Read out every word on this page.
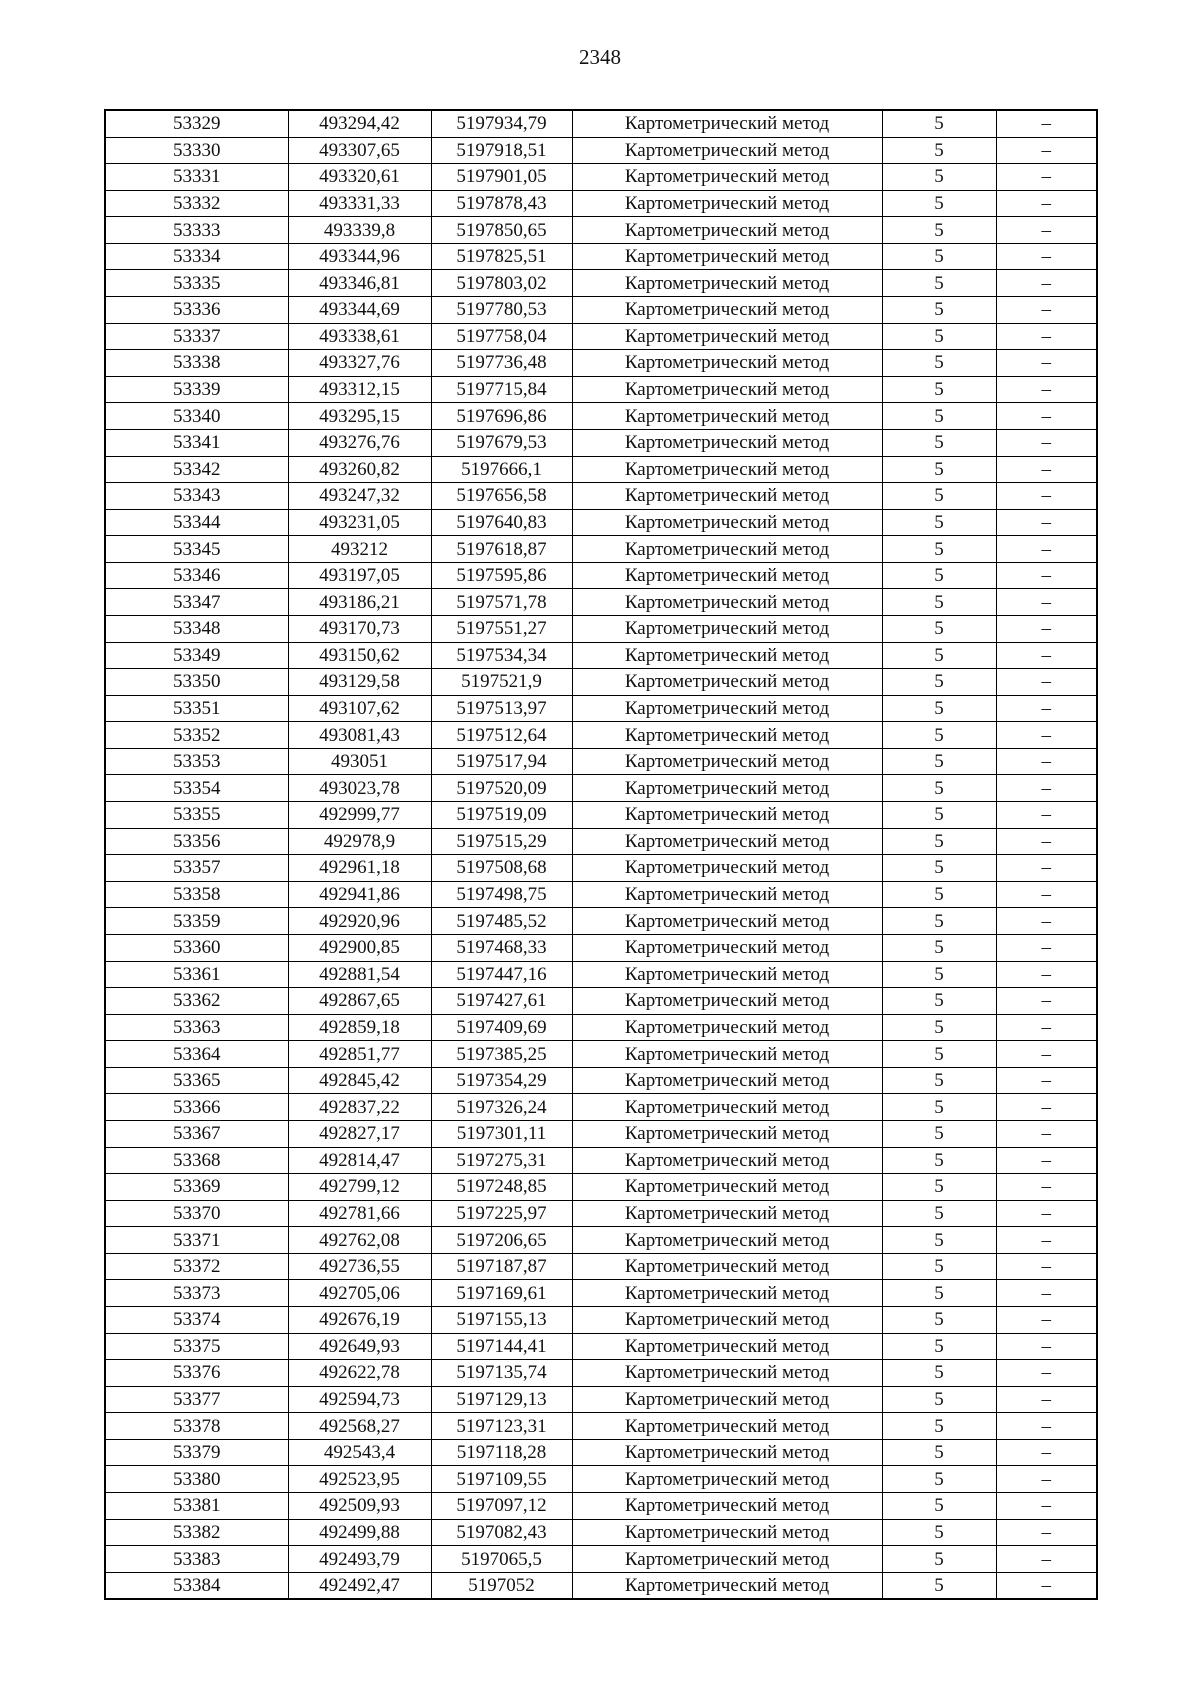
2348
53329	493294,42	5197934,79	Картометрический метод	5	–
53330	493307,65	5197918,51	Картометрический метод	5	–
53331	493320,61	5197901,05	Картометрический метод	5	–
53332	493331,33	5197878,43	Картометрический метод	5	–
53333	493339,8	5197850,65	Картометрический метод	5	–
53334	493344,96	5197825,51	Картометрический метод	5	–
53335	493346,81	5197803,02	Картометрический метод	5	–
53336	493344,69	5197780,53	Картометрический метод	5	–
53337	493338,61	5197758,04	Картометрический метод	5	–
53338	493327,76	5197736,48	Картометрический метод	5	–
53339	493312,15	5197715,84	Картометрический метод	5	–
53340	493295,15	5197696,86	Картометрический метод	5	–
53341	493276,76	5197679,53	Картометрический метод	5	–
53342	493260,82	5197666,1	Картометрический метод	5	–
53343	493247,32	5197656,58	Картометрический метод	5	–
53344	493231,05	5197640,83	Картометрический метод	5	–
53345	493212	5197618,87	Картометрический метод	5	–
53346	493197,05	5197595,86	Картометрический метод	5	–
53347	493186,21	5197571,78	Картометрический метод	5	–
53348	493170,73	5197551,27	Картометрический метод	5	–
53349	493150,62	5197534,34	Картометрический метод	5	–
53350	493129,58	5197521,9	Картометрический метод	5	–
53351	493107,62	5197513,97	Картометрический метод	5	–
53352	493081,43	5197512,64	Картометрический метод	5	–
53353	493051	5197517,94	Картометрический метод	5	–
53354	493023,78	5197520,09	Картометрический метод	5	–
53355	492999,77	5197519,09	Картометрический метод	5	–
53356	492978,9	5197515,29	Картометрический метод	5	–
53357	492961,18	5197508,68	Картометрический метод	5	–
53358	492941,86	5197498,75	Картометрический метод	5	–
53359	492920,96	5197485,52	Картометрический метод	5	–
53360	492900,85	5197468,33	Картометрический метод	5	–
53361	492881,54	5197447,16	Картометрический метод	5	–
53362	492867,65	5197427,61	Картометрический метод	5	–
53363	492859,18	5197409,69	Картометрический метод	5	–
53364	492851,77	5197385,25	Картометрический метод	5	–
53365	492845,42	5197354,29	Картометрический метод	5	–
53366	492837,22	5197326,24	Картометрический метод	5	–
53367	492827,17	5197301,11	Картометрический метод	5	–
53368	492814,47	5197275,31	Картометрический метод	5	–
53369	492799,12	5197248,85	Картометрический метод	5	–
53370	492781,66	5197225,97	Картометрический метод	5	–
53371	492762,08	5197206,65	Картометрический метод	5	–
53372	492736,55	5197187,87	Картометрический метод	5	–
53373	492705,06	5197169,61	Картометрический метод	5	–
53374	492676,19	5197155,13	Картометрический метод	5	–
53375	492649,93	5197144,41	Картометрический метод	5	–
53376	492622,78	5197135,74	Картометрический метод	5	–
53377	492594,73	5197129,13	Картометрический метод	5	–
53378	492568,27	5197123,31	Картометрический метод	5	–
53379	492543,4	5197118,28	Картометрический метод	5	–
53380	492523,95	5197109,55	Картометрический метод	5	–
53381	492509,93	5197097,12	Картометрический метод	5	–
53382	492499,88	5197082,43	Картометрический метод	5	–
53383	492493,79	5197065,5	Картометрический метод	5	–
53384	492492,47	5197052	Картометрический метод	5	–
